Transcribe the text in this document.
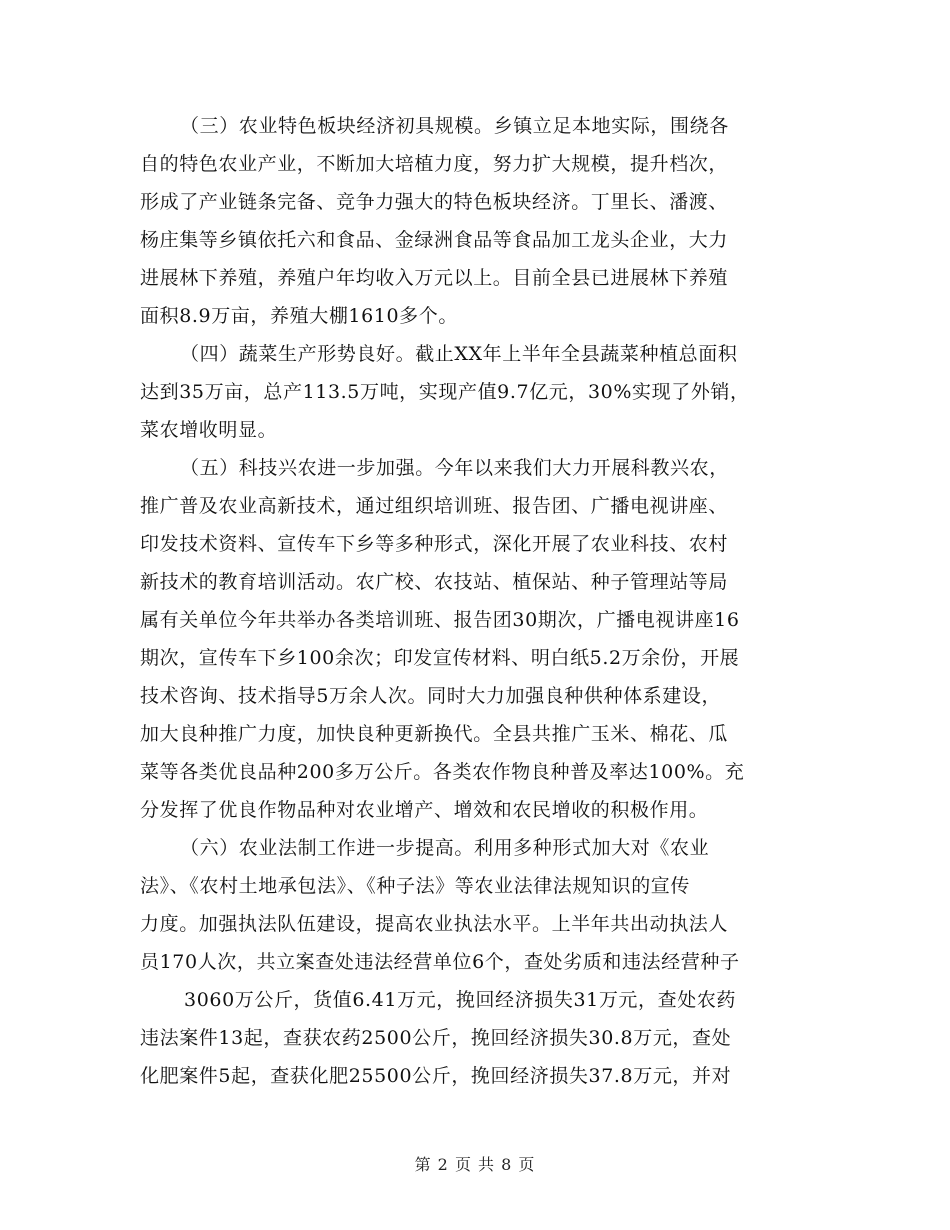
（三）农业特色板块经济初具规模。乡镇立足本地实际，围绕各
自的特色农业产业，不断加大培植力度，努力扩大规模，提升档次，
形成了产业链条完备、竞争力强大的特色板块经济。丁里长、潘渡、
杨庄集等乡镇依托六和食品、金绿洲食品等食品加工龙头企业，大力
进展林下养殖，养殖户年均收入万元以上。目前全县已进展林下养殖
面积8.9万亩，养殖大棚1610多个。
（四）蔬菜生产形势良好。截止XX年上半年全县蔬菜种植总面积
达到35万亩，总产113.5万吨，实现产值9.7亿元，30%实现了外销，
菜农增收明显。
（五）科技兴农进一步加强。今年以来我们大力开展科教兴农，
推广普及农业高新技术，通过组织培训班、报告团、广播电视讲座、
印发技术资料、宣传车下乡等多种形式，深化开展了农业科技、农村
新技术的教育培训活动。农广校、农技站、植保站、种子管理站等局
属有关单位今年共举办各类培训班、报告团30期次，广播电视讲座16
期次，宣传车下乡100余次；印发宣传材料、明白纸5.2万余份，开展
技术咨询、技术指导5万余人次。同时大力加强良种供种体系建设，
加大良种推广力度，加快良种更新换代。全县共推广玉米、棉花、瓜
菜等各类优良品种200多万公斤。各类农作物良种普及率达100%。充
分发挥了优良作物品种对农业增产、增效和农民增收的积极作用。
（六）农业法制工作进一步提高。利用多种形式加大对《农业
法》、《农村土地承包法》、《种子法》等农业法律法规知识的宣传
力度。加强执法队伍建设，提高农业执法水平。上半年共出动执法人
员170人次，共立案查处违法经营单位6个，查处劣质和违法经营种子
3060万公斤，货值6.41万元，挽回经济损失31万元，查处农药
违法案件13起，查获农药2500公斤，挽回经济损失30.8万元，查处
化肥案件5起，查获化肥25500公斤，挽回经济损失37.8万元，并对
第 2 页 共 8 页
